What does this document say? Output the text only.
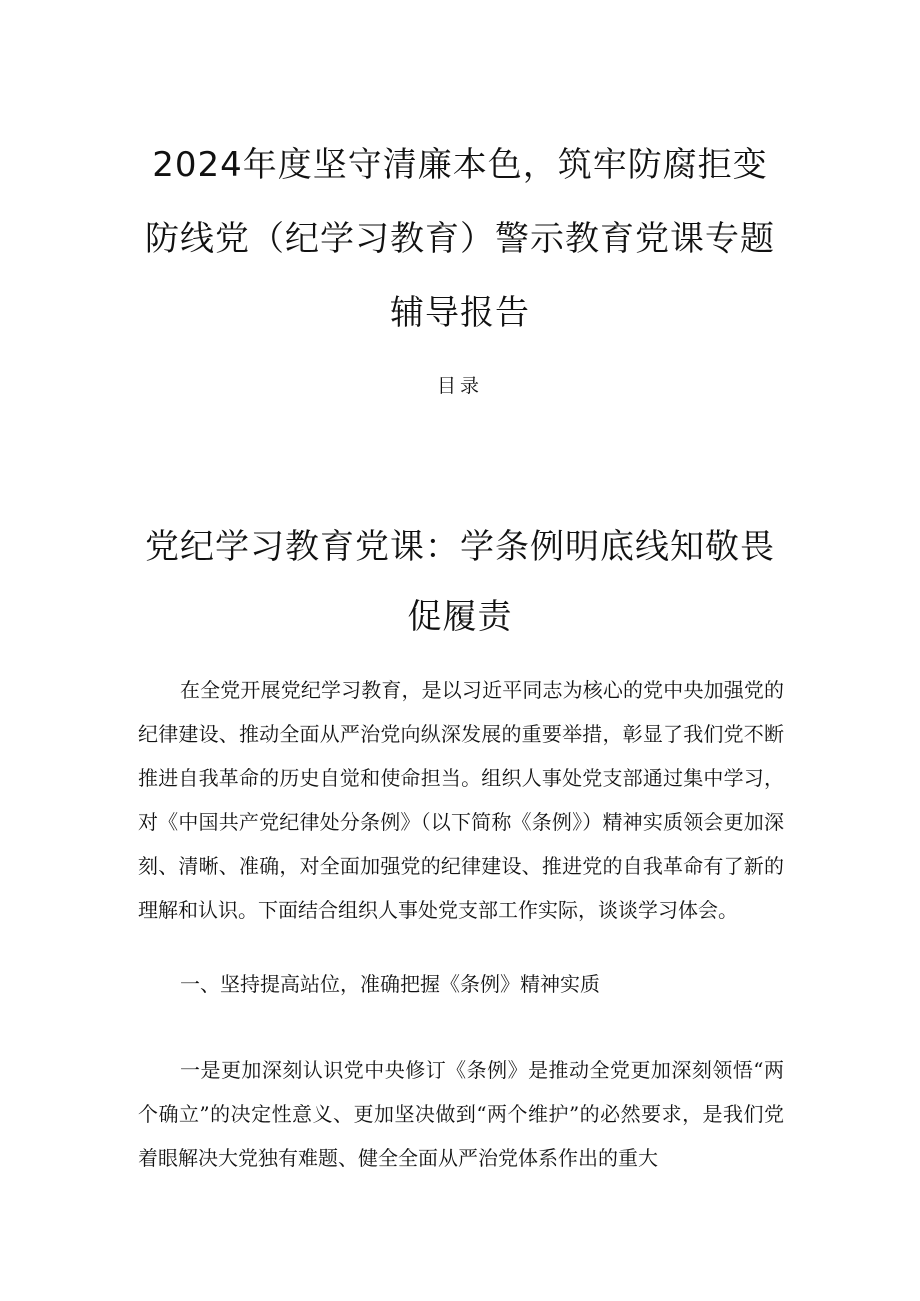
2024年度坚守清廉本色，筑牢防腐拒变防线党（纪学习教育）警示教育党课专题辅导报告
目录
党纪学习教育党课：学条例明底线知敬畏促履责

在全党开展党纪学习教育，是以习近平同志为核心的党中央加强党的纪律建设、推动全面从严治党向纵深发展的重要举措，彰显了我们党不断推进自我革命的历史自觉和使命担当。组织人事处党支部通过集中学习，对《中国共产党纪律处分条例》（以下简称《条例》）精神实质领会更加深刻、清晰、准确，对全面加强党的纪律建设、推进党的自我革命有了新的理解和认识。下面结合组织人事处党支部工作实际，谈谈学习体会。

一、坚持提高站位，准确把握《条例》精神实质

一是更加深刻认识党中央修订《条例》是推动全党更加深刻领悟“两个确立”的决定性意义、更加坚决做到“两个维护”的必然要求，是我们党着眼解决大党独有难题、健全全面从严治党体系作出的重大
